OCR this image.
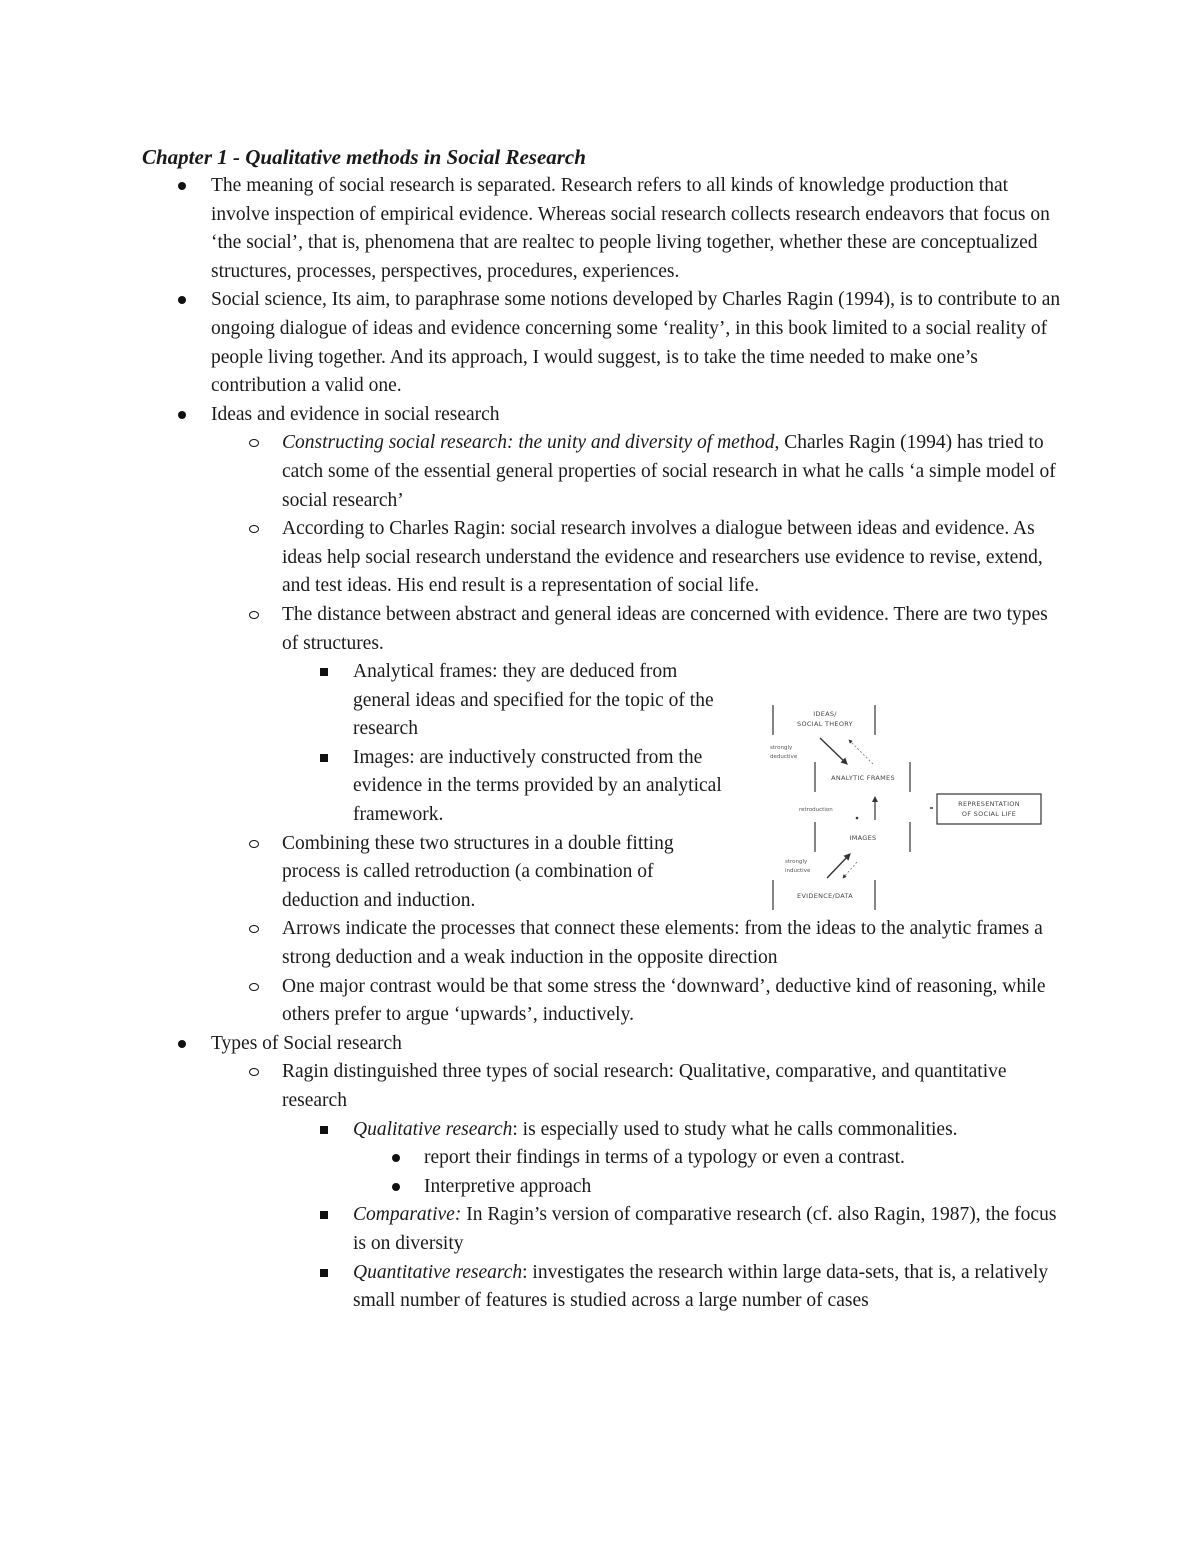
Chapter 1 - Qualitative methods in Social Research
The meaning of social research is separated. Research refers to all kinds of knowledge production that involve inspection of empirical evidence. Whereas social research collects research endeavors that focus on ‘the social’, that is, phenomena that are realtec to people living together, whether these are conceptualized structures, processes, perspectives, procedures, experiences.
Social science, Its aim, to paraphrase some notions developed by Charles Ragin (1994), is to contribute to an ongoing dialogue of ideas and evidence concerning some ‘reality’, in this book limited to a social reality of people living together. And its approach, I would suggest, is to take the time needed to make one’s contribution a valid one.
Ideas and evidence in social research
Constructing social research: the unity and diversity of method, Charles Ragin (1994) has tried to catch some of the essential general properties of social research in what he calls ‘a simple model of social research’
According to Charles Ragin: social research involves a dialogue between ideas and evidence. As ideas help social research understand the evidence and researchers use evidence to revise, extend, and test ideas. His end result is a representation of social life.
The distance between abstract and general ideas are concerned with evidence. There are two types of structures.
Analytical frames: they are deduced from general ideas and specified for the topic of the research
Images: are inductively constructed from the evidence in the terms provided by an analytical framework.
Combining these two structures in a double fitting process is called retroduction (a combination of deduction and induction.
Arrows indicate the processes that connect these elements: from the ideas to the analytic frames a strong deduction and a weak induction in the opposite direction
One major contrast would be that some stress the ‘downward’, deductive kind of reasoning, while others prefer to argue ‘upwards’, inductively.
Types of Social research
Ragin distinguished three types of social research: Qualitative, comparative, and quantitative research
Qualitative research: is especially used to study what he calls commonalities.
report their findings in terms of a typology or even a contrast.
Interpretive approach
Comparative: In Ragin’s version of comparative research (cf. also Ragin, 1987), the focus is on diversity
Quantitative research: investigates the research within large data-sets, that is, a relatively small number of features is studied across a large number of cases
IDEAS/
SOCIAL THEORY
strongly
deductive
ANALYTIC FRAMES
retroduction
REPRESENTATION
OF SOCIAL LIFE
IMAGES
strongly
inductive
EVIDENCE/DATA
